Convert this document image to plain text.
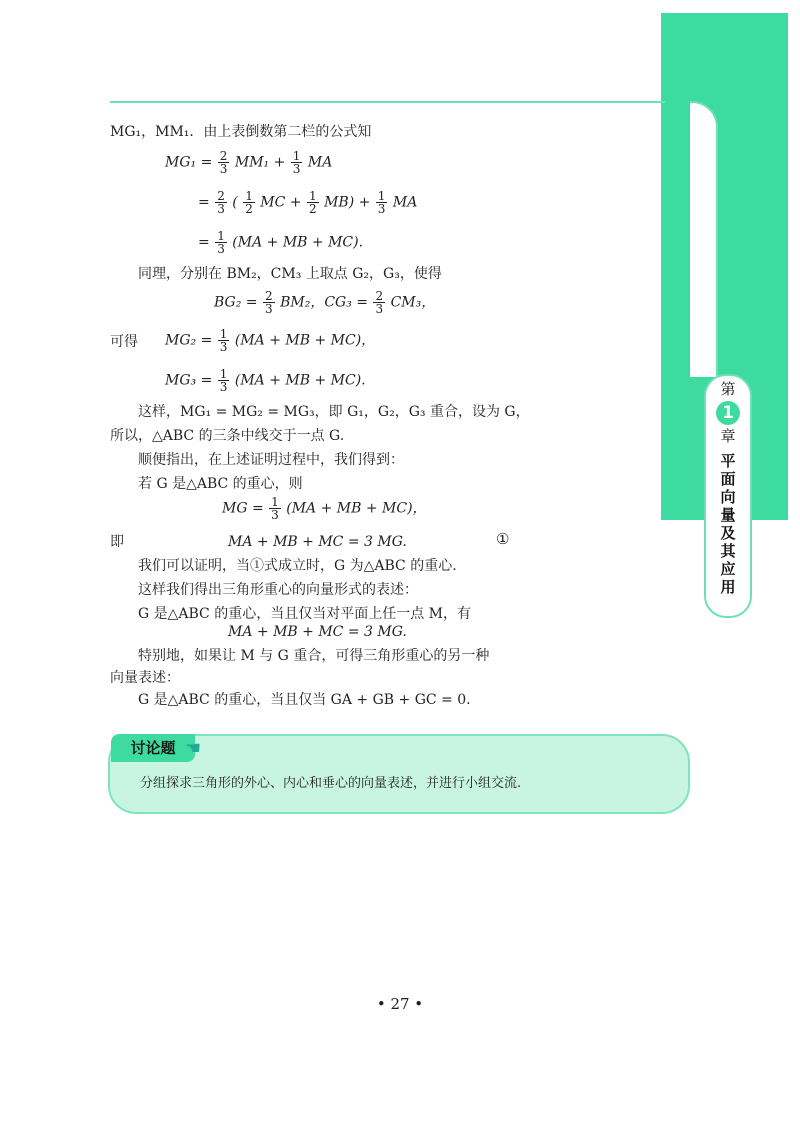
第
1
章
平
面
向
量
及
其
应
用
MG₁，MM₁．由上表倒数第二栏的公式知
$MG_1 = \frac{2}{3} MM_1 + \frac{1}{3}$ MA
= $\frac{2}{3}$ ( $\frac{1}{2}$ MC + $\frac{1}{2} MB) + \frac{1}{3}$ MA
= $\frac{1}{3} (MA$ + MB + MC).
同理，分别在 BM₂，CM₃ 上取点 G₂，G₃，使得
$BG_2 = \frac{2}{3} BM_2$，$CG_3 = \frac{2}{3} CM_3$，
可得 $MG_2 = \frac{1}{3} (MA$ + MB + MC)，
$MG_3 = \frac{1}{3} (MA$ + MB + MC).
这样，MG₁ = MG₂ = MG₃，即 G₁，G₂，G₃ 重合，设为 G，
所以，△ABC 的三条中线交于一点 G.
顺便指出，在上述证明过程中，我们得到：
若 G 是△ABC 的重心，则
MG = $\frac{1}{3} (MA$ + MB + MC)，
即	MA + MB + MC = 3 MG.	①
我们可以证明，当①式成立时，G 为△ABC 的重心.
这样我们得出三角形重心的向量形式的表述：
G 是△ABC 的重心，当且仅当对平面上任一点 M，有
MA + MB + MC = 3 MG.
特别地，如果让 M 与 G 重合，可得三角形重心的另一种
向量表述：
G 是△ABC 的重心，当且仅当 GA + GB + GC = 0.
讨论题 ☚
分组探求三角形的外心、内心和垂心的向量表述，并进行小组交流.
• 27 •
